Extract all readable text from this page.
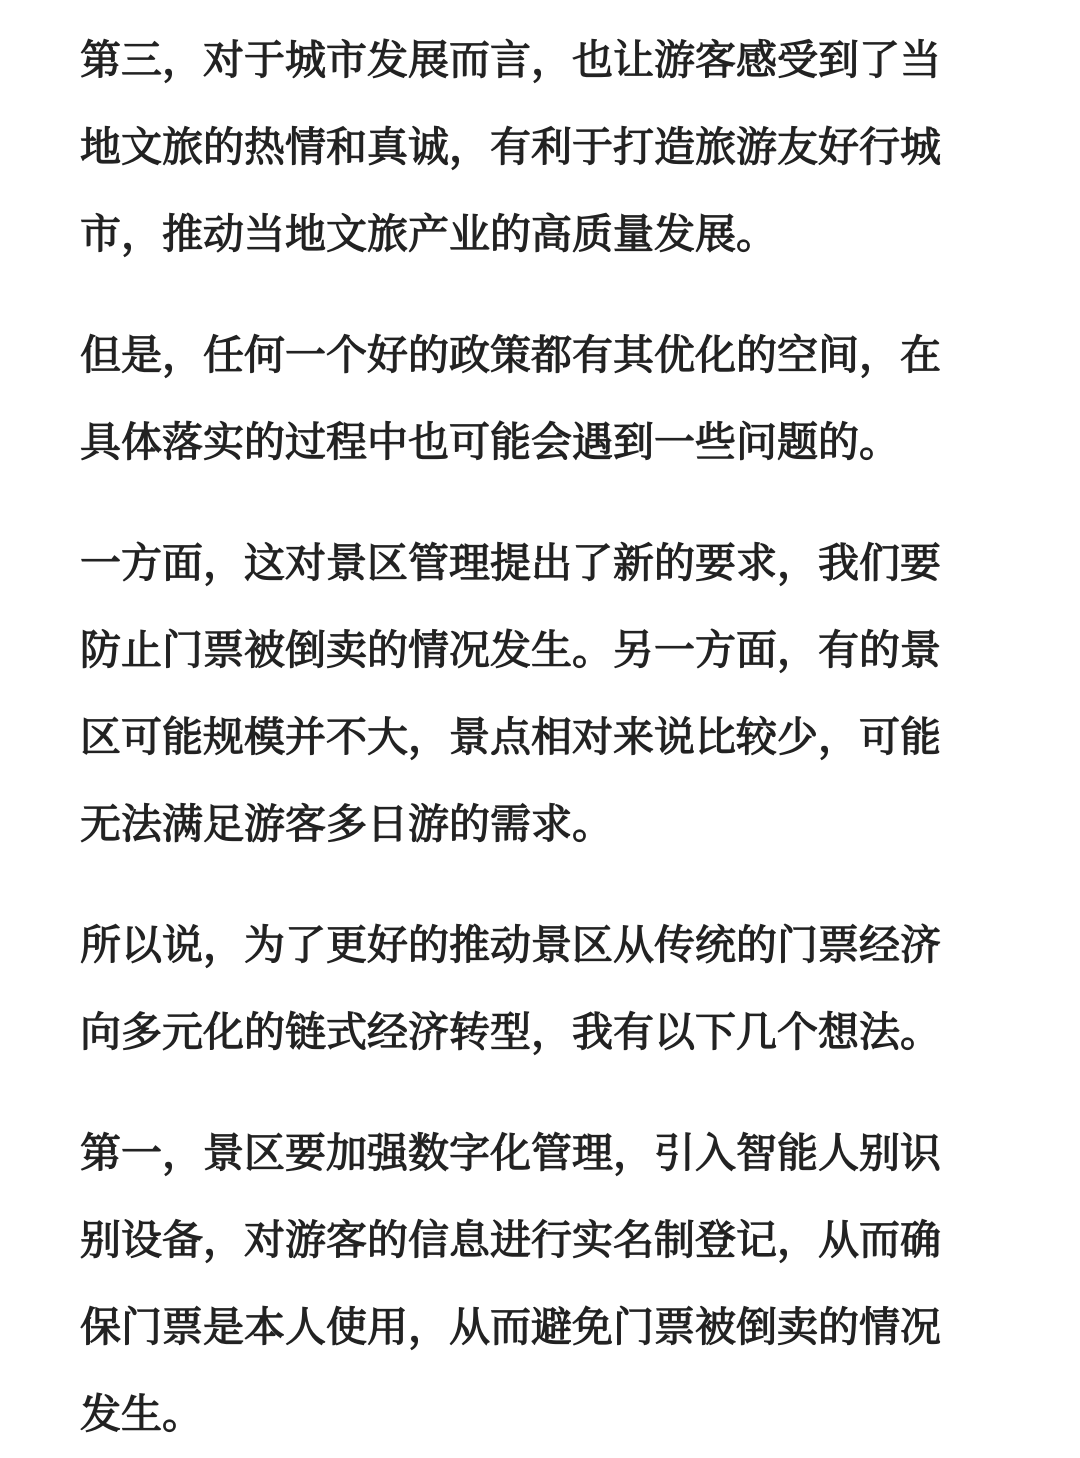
第三，对于城市发展而言，也让游客感受到了当
地文旅的热情和真诚，有利于打造旅游友好行城
市，推动当地文旅产业的高质量发展。

但是，任何一个好的政策都有其优化的空间，在
具体落实的过程中也可能会遇到一些问题的。

一方面，这对景区管理提出了新的要求，我们要
防止门票被倒卖的情况发生。另一方面，有的景
区可能规模并不大，景点相对来说比较少，可能
无法满足游客多日游的需求。

所以说，为了更好的推动景区从传统的门票经济
向多元化的链式经济转型，我有以下几个想法。

第一，景区要加强数字化管理，引入智能人别识
别设备，对游客的信息进行实名制登记，从而确
保门票是本人使用，从而避免门票被倒卖的情况
发生。
